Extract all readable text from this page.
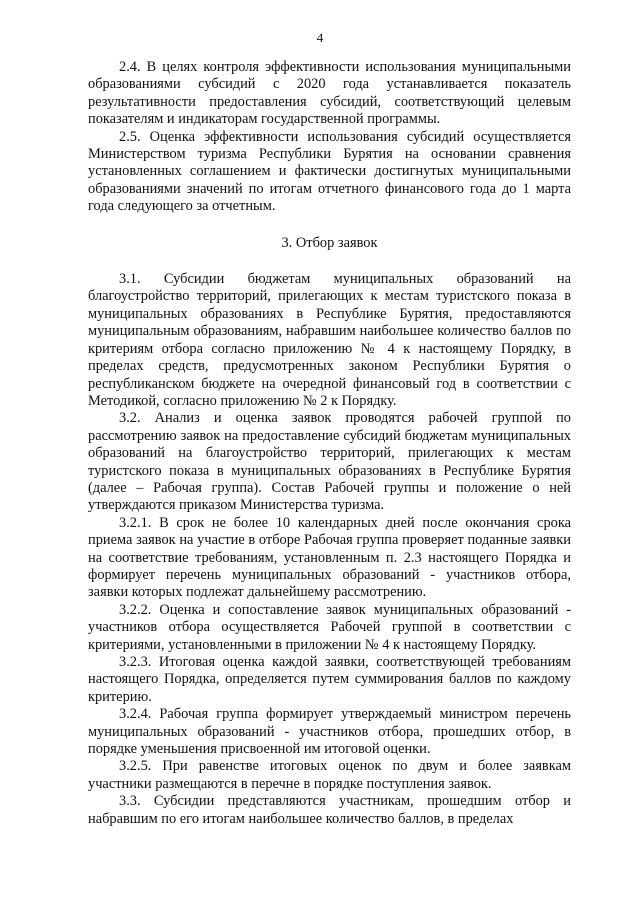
4

2.4. В целях контроля эффективности использования муниципальными образованиями субсидий с 2020 года устанавливается показатель результативности предоставления субсидий, соответствующий целевым показателям и индикаторам государственной программы.

2.5. Оценка эффективности использования субсидий осуществляется Министерством туризма Республики Бурятия на основании сравнения установленных соглашением и фактически достигнутых муниципальными образованиями значений по итогам отчетного финансового года до 1 марта года следующего за отчетным.

3. Отбор заявок

3.1. Субсидии бюджетам муниципальных образований на благоустройство территорий, прилегающих к местам туристского показа в муниципальных образованиях в Республике Бурятия, предоставляются муниципальным образованиям, набравшим наибольшее количество баллов по критериям отбора согласно приложению № 4 к настоящему Порядку, в пределах средств, предусмотренных законом Республики Бурятия о республиканском бюджете на очередной финансовый год в соответствии с Методикой, согласно приложению № 2 к Порядку.

3.2. Анализ и оценка заявок проводятся рабочей группой по рассмотрению заявок на предоставление субсидий бюджетам муниципальных образований на благоустройство территорий, прилегающих к местам туристского показа в муниципальных образованиях в Республике Бурятия (далее – Рабочая группа). Состав Рабочей группы и положение о ней утверждаются приказом Министерства туризма.

3.2.1. В срок не более 10 календарных дней после окончания срока приема заявок на участие в отборе Рабочая группа проверяет поданные заявки на соответствие требованиям, установленным п. 2.3 настоящего Порядка и формирует перечень муниципальных образований - участников отбора, заявки которых подлежат дальнейшему рассмотрению.

3.2.2. Оценка и сопоставление заявок муниципальных образований - участников отбора осуществляется Рабочей группой в соответствии с критериями, установленными в приложении № 4 к настоящему Порядку.

3.2.3. Итоговая оценка каждой заявки, соответствующей требованиям настоящего Порядка, определяется путем суммирования баллов по каждому критерию.

3.2.4. Рабочая группа формирует утверждаемый министром перечень муниципальных образований - участников отбора, прошедших отбор, в порядке уменьшения присвоенной им итоговой оценки.

3.2.5. При равенстве итоговых оценок по двум и более заявкам участники размещаются в перечне в порядке поступления заявок.

3.3. Субсидии представляются участникам, прошедшим отбор и набравшим по его итогам наибольшее количество баллов, в пределах
